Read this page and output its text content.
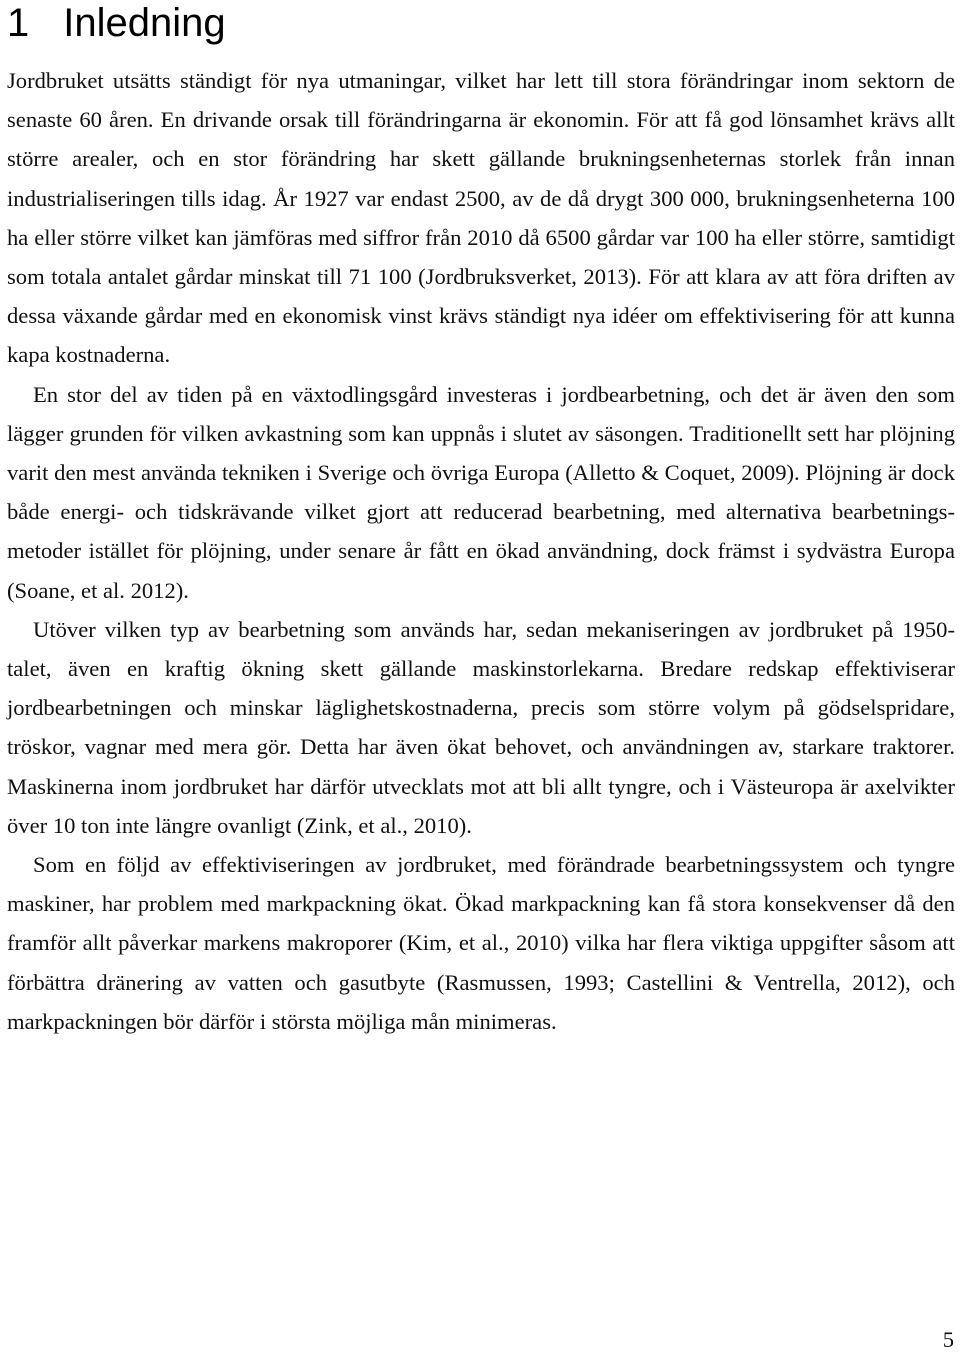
1 Inledning

Jordbruket utsätts ständigt för nya utmaningar, vilket har lett till stora förändringar inom sektorn de senaste 60 åren. En drivande orsak till förändringarna är ekonomin. För att få god lönsamhet krävs allt större arealer, och en stor förändring har skett gällande brukningsenheternas storlek från innan industrialiseringen tills idag. År 1927 var endast 2500, av de då drygt 300 000, brukningsenheterna 100 ha eller större vilket kan jämföras med siffror från 2010 då 6500 gårdar var 100 ha eller större, samtidigt som totala antalet gårdar minskat till 71 100 (Jordbruksverket, 2013). För att klara av att föra driften av dessa växande gårdar med en ekonomisk vinst krävs ständigt nya idéer om effektivisering för att kunna kapa kostnaderna.

En stor del av tiden på en växtodlingsgård investeras i jordbearbetning, och det är även den som lägger grunden för vilken avkastning som kan uppnås i slutet av säsongen. Traditionellt sett har plöjning varit den mest använda tekniken i Sverige och övriga Europa (Alletto & Coquet, 2009). Plöjning är dock både energi- och tidskrävande vilket gjort att reducerad bearbetning, med alternativa bearbetningsmetoder istället för plöjning, under senare år fått en ökad användning, dock främst i sydvästra Europa (Soane, et al. 2012).

Utöver vilken typ av bearbetning som används har, sedan mekaniseringen av jordbruket på 1950- talet, även en kraftig ökning skett gällande maskinstorlekarna. Bredare redskap effektiviserar jordbearbetningen och minskar läglighetskostnaderna, precis som större volym på gödselspridare, tröskor, vagnar med mera gör. Detta har även ökat behovet, och användningen av, starkare traktorer. Maskinerna inom jordbruket har därför utvecklats mot att bli allt tyngre, och i Västeuropa är axelvikter över 10 ton inte längre ovanligt (Zink, et al., 2010).

Som en följd av effektiviseringen av jordbruket, med förändrade bearbetningssystem och tyngre maskiner, har problem med markpackning ökat. Ökad markpackning kan få stora konsekvenser då den framför allt påverkar markens makroporer (Kim, et al., 2010) vilka har flera viktiga uppgifter såsom att förbättra dränering av vatten och gasutbyte (Rasmussen, 1993; Castellini & Ventrella, 2012), och markpackningen bör därför i största möjliga mån minimeras.

5
